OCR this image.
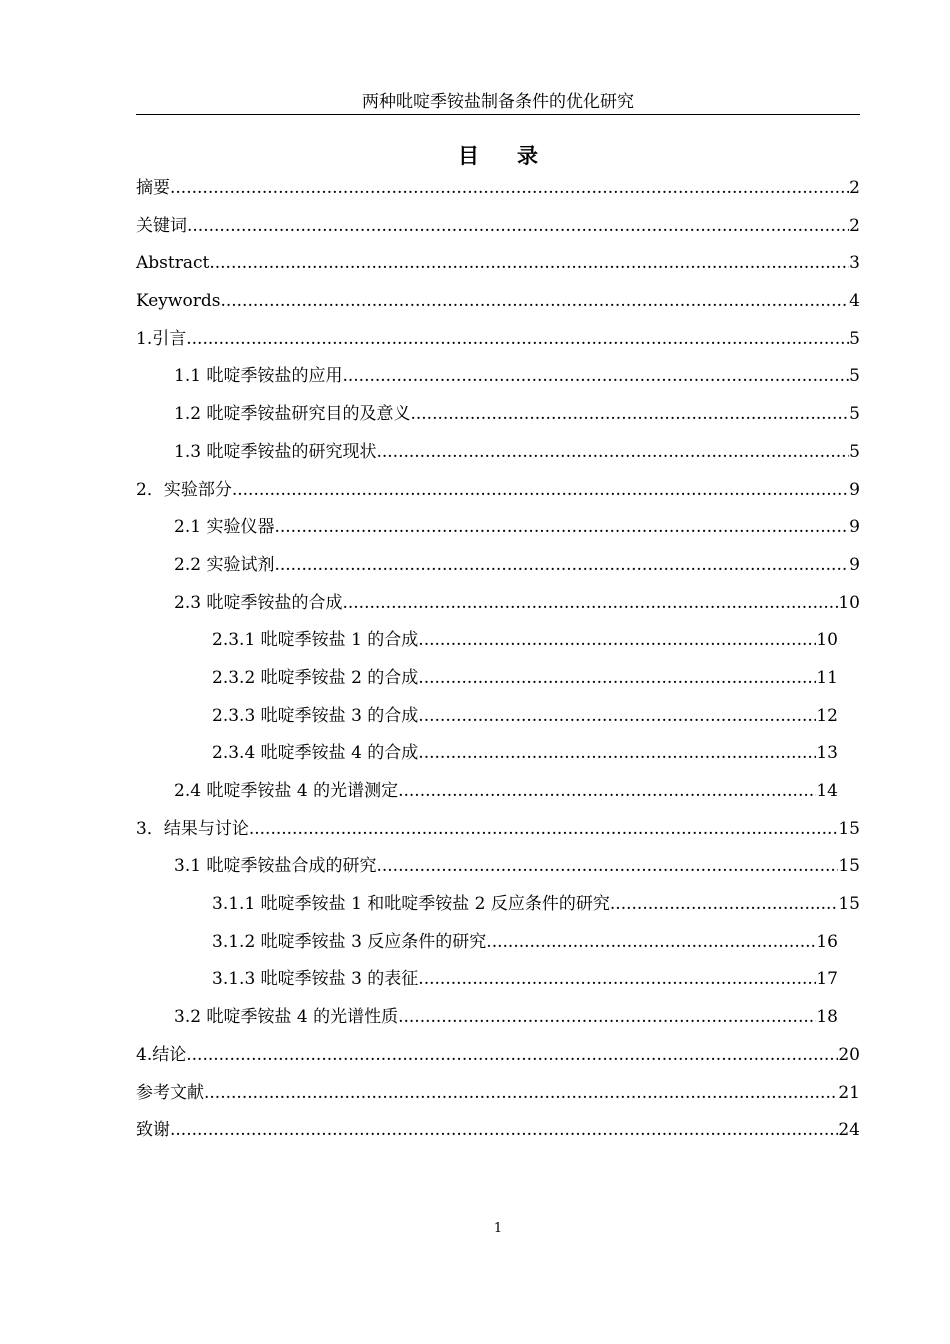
两种吡啶季铵盐制备条件的优化研究
目录
摘要 .....	2
关键词 .....	2
Abstract .....	3
Keywords .....	4
1.引言 .....	5
1.1 吡啶季铵盐的应用 .....	5
1.2 吡啶季铵盐研究目的及意义 .....	5
1.3 吡啶季铵盐的研究现状 .....	5
2．实验部分 .....	9
2.1 实验仪器 .....	9
2.2 实验试剂 .....	9
2.3 吡啶季铵盐的合成 .....	10
2.3.1 吡啶季铵盐 1 的合成 .....	10
2.3.2 吡啶季铵盐 2 的合成 .....	11
2.3.3 吡啶季铵盐 3 的合成 .....	12
2.3.4 吡啶季铵盐 4 的合成 .....	13
2.4 吡啶季铵盐 4 的光谱测定 .....	14
3．结果与讨论 .....	15
3.1 吡啶季铵盐合成的研究 .....	15
3.1.1 吡啶季铵盐 1 和吡啶季铵盐 2 反应条件的研究 .....	15
3.1.2 吡啶季铵盐 3 反应条件的研究 .....	16
3.1.3 吡啶季铵盐 3 的表征 .....	17
3.2 吡啶季铵盐 4 的光谱性质 .....	18
4.结论 .....	20
参考文献 .....	21
致谢 .....	24
1
